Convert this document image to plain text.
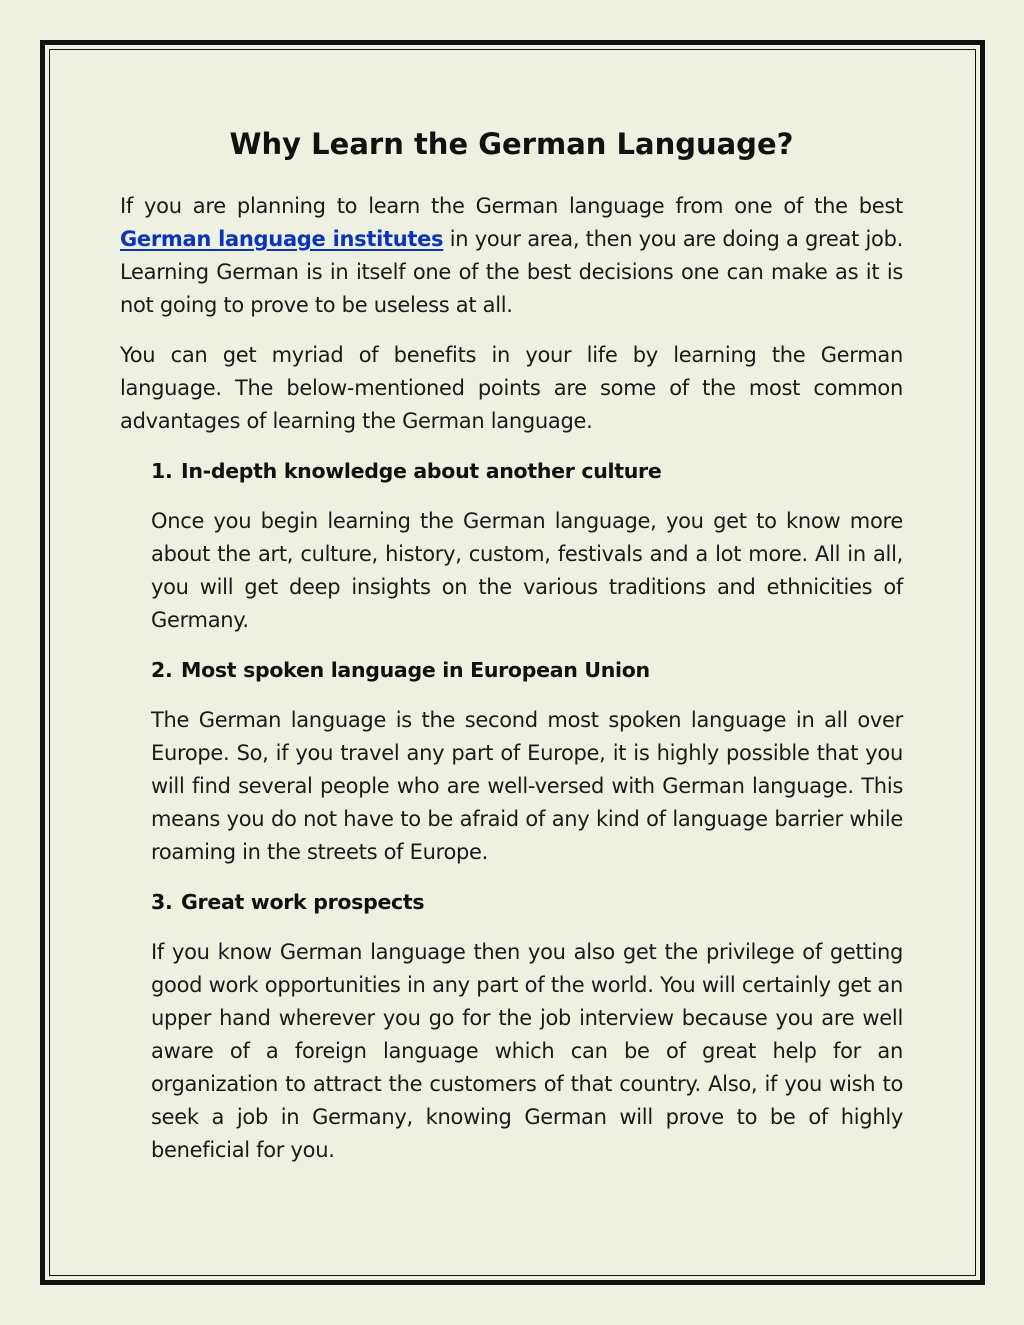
Why Learn the German Language?

If you are planning to learn the German language from one of the best German language institutes in your area, then you are doing a great job. Learning German is in itself one of the best decisions one can make as it is not going to prove to be useless at all.

You can get myriad of benefits in your life by learning the German language. The below-mentioned points are some of the most common advantages of learning the German language.

1. In-depth knowledge about another culture

Once you begin learning the German language, you get to know more about the art, culture, history, custom, festivals and a lot more. All in all, you will get deep insights on the various traditions and ethnicities of Germany.

2. Most spoken language in European Union

The German language is the second most spoken language in all over Europe. So, if you travel any part of Europe, it is highly possible that you will find several people who are well-versed with German language. This means you do not have to be afraid of any kind of language barrier while roaming in the streets of Europe.

3. Great work prospects

If you know German language then you also get the privilege of getting good work opportunities in any part of the world. You will certainly get an upper hand wherever you go for the job interview because you are well aware of a foreign language which can be of great help for an organization to attract the customers of that country. Also, if you wish to seek a job in Germany, knowing German will prove to be of highly beneficial for you.
